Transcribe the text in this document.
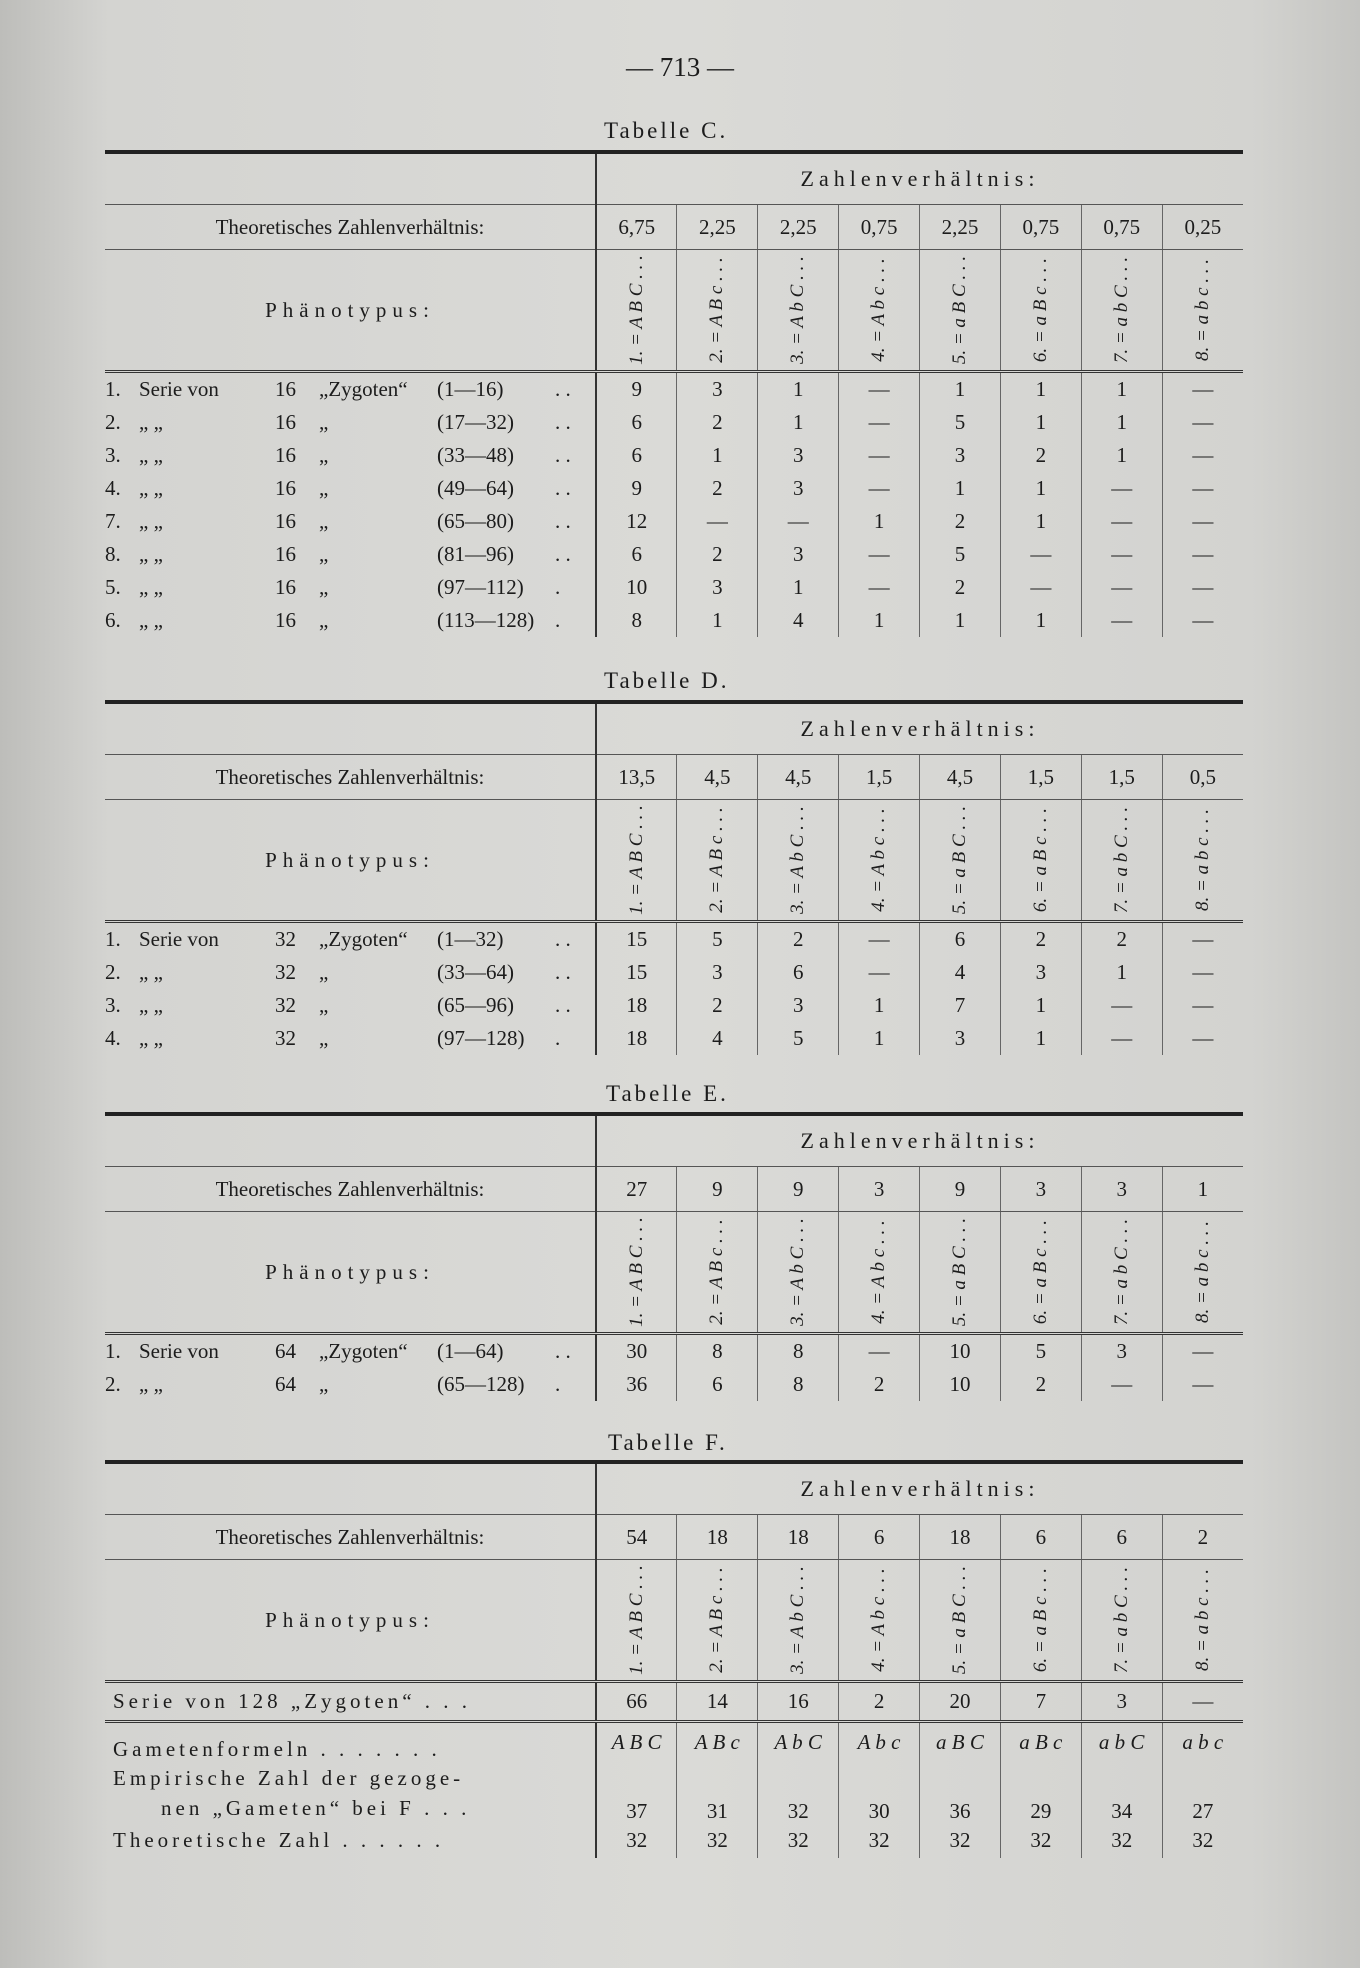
— 713 —
Tabelle C.
	Zahlenverhältnis:							
Theoretisches Zahlenverhältnis:	6,75	2,25	2,25	0,75	2,25	0,75	0,75	0,25
Phänotypus:	1. = A B C . . .	2. = A B c . . .	3. = A b C . . .	4. = A b c . . .	5. = a B C . . .	6. = a B c . . .	7. = a b C . . .	8. = a b c . . .

1. Serie von 16 „Zygoten“ (1—16) . .	9	3	1	—	1	1	1	—
2. „ „ 16 „ (17—32) . .	6	2	1	—	5	1	1	—
3. „ „ 16 „ (33—48) . .	6	1	3	—	3	2	1	—
4. „ „ 16 „ (49—64) . .	9	2	3	—	1	1	—	—
7. „ „ 16 „ (65—80) . .	12	—	—	1	2	1	—	—
8. „ „ 16 „ (81—96) . .	6	2	3	—	5	—	—	—
5. „ „ 16 „ (97—112) .	10	3	1	—	2	—	—	—
6. „ „ 16 „ (113—128) .	8	1	4	1	1	1	—	—
Tabelle D.
	Zahlenverhältnis:							
Theoretisches Zahlenverhältnis:	13,5	4,5	4,5	1,5	4,5	1,5	1,5	0,5
Phänotypus:	1. = A B C . . .	2. = A B c . . .	3. = A b C . . .	4. = A b c . . .	5. = a B C . . .	6. = a B c . . .	7. = a b C . . .	8. = a b c . . .

1. Serie von 32 „Zygoten“ (1—32) . .	15	5	2	—	6	2	2	—
2. „ „ 32 „ (33—64) . .	15	3	6	—	4	3	1	—
3. „ „ 32 „ (65—96) . .	18	2	3	1	7	1	—	—
4. „ „ 32 „ (97—128) .	18	4	5	1	3	1	—	—
Tabelle E.
	Zahlenverhältnis:							
Theoretisches Zahlenverhältnis:	27	9	9	3	9	3	3	1
Phänotypus:	1. = A B C . . .	2. = A B c . . .	3. = A b C . . .	4. = A b c . . .	5. = a B C . . .	6. = a B c . . .	7. = a b C . . .	8. = a b c . . .

1. Serie von 64 „Zygoten“ (1—64) . .	30	8	8	—	10	5	3	—
2. „ „ 64 „ (65—128) .	36	6	8	2	10	2	—	—
Tabelle F.
	Zahlenverhältnis:							
Theoretisches Zahlenverhältnis:	54	18	18	6	18	6	6	2
Phänotypus:	1. = A B C . . .	2. = A B c . . .	3. = A b C . . .	4. = A b c . . .	5. = a B C . . .	6. = a B c . . .	7. = a b C . . .	8. = a b c . . .

Serie von 128 „Zygoten“ . . .	66	14	16	2	20	7	3	—
Gametenformeln . . . . . . .	A B C	A B c	A b C	A b c	a B C	a B c	a b C	a b c

Empirische Zahl der gezoge-
nen „Gameten“ bei F . . .	37	31	32	30	36	29	34	27
Theoretische Zahl . . . . . .	32	32	32	32	32	32	32	32
